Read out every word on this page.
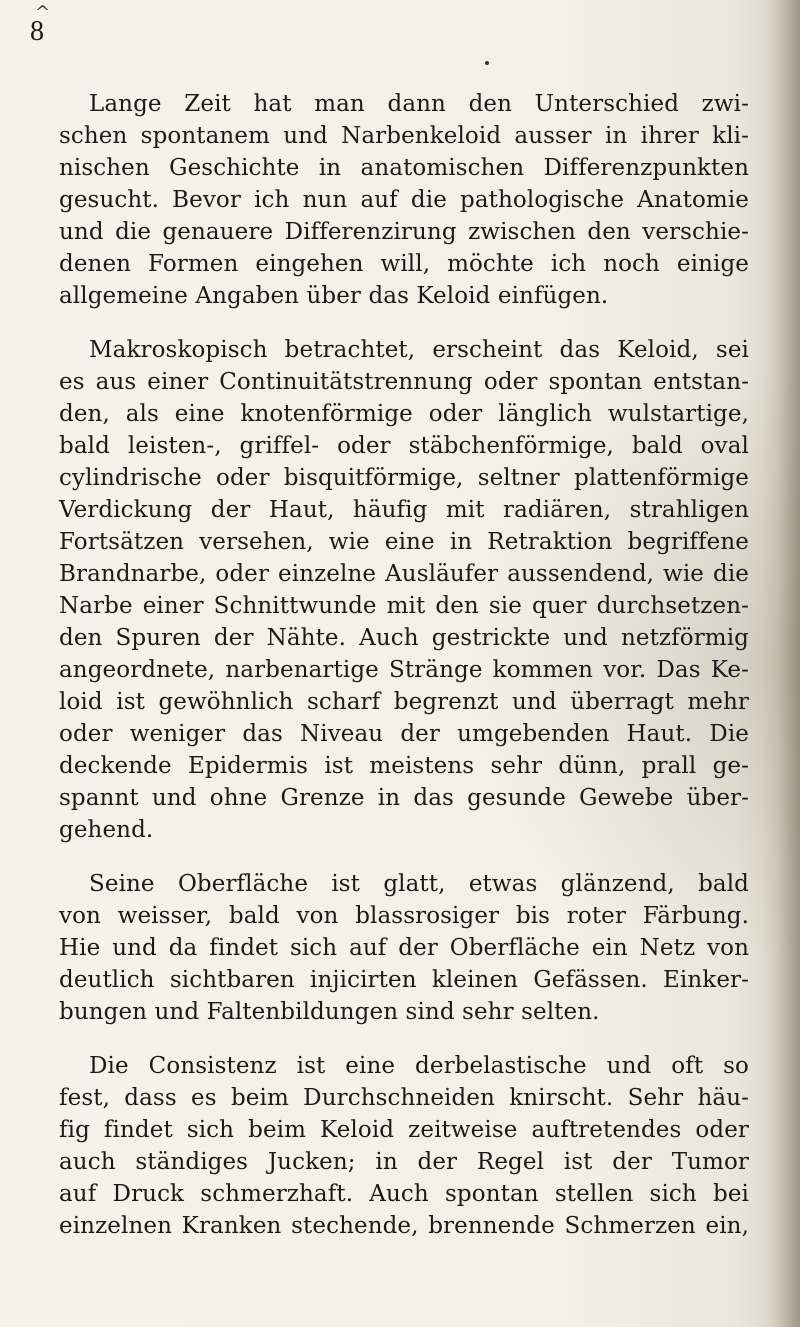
^
8

Lange Zeit hat man dann den Unterschied zwi-
schen spontanem und Narbenkeloid ausser in ihrer kli-
nischen Geschichte in anatomischen Differenzpunkten
gesucht. Bevor ich nun auf die pathologische Anatomie
und die genauere Differenzirung zwischen den verschie-
denen Formen eingehen will, möchte ich noch einige
allgemeine Angaben über das Keloid einfügen.

Makroskopisch betrachtet, erscheint das Keloid, sei
es aus einer Continuitätstrennung oder spontan entstan-
den, als eine knotenförmige oder länglich wulstartige,
bald leisten-, griffel- oder stäbchenförmige, bald oval
cylindrische oder bisquitförmige, seltner plattenförmige
Verdickung der Haut, häufig mit radiären, strahligen
Fortsätzen versehen, wie eine in Retraktion begriffene
Brandnarbe, oder einzelne Ausläufer aussendend, wie die
Narbe einer Schnittwunde mit den sie quer durchsetzen-
den Spuren der Nähte. Auch gestrickte und netzförmig
angeordnete, narbenartige Stränge kommen vor. Das Ke-
loid ist gewöhnlich scharf begrenzt und überragt mehr
oder weniger das Niveau der umgebenden Haut. Die
deckende Epidermis ist meistens sehr dünn, prall ge-
spannt und ohne Grenze in das gesunde Gewebe über-
gehend.

Seine Oberfläche ist glatt, etwas glänzend, bald
von weisser, bald von blassrosiger bis roter Färbung.
Hie und da findet sich auf der Oberfläche ein Netz von
deutlich sichtbaren injicirten kleinen Gefässen. Einker-
bungen und Faltenbildungen sind sehr selten.

Die Consistenz ist eine derbelastische und oft so
fest, dass es beim Durchschneiden knirscht. Sehr häu-
fig findet sich beim Keloid zeitweise auftretendes oder
auch ständiges Jucken; in der Regel ist der Tumor
auf Druck schmerzhaft. Auch spontan stellen sich bei
einzelnen Kranken stechende, brennende Schmerzen ein,
